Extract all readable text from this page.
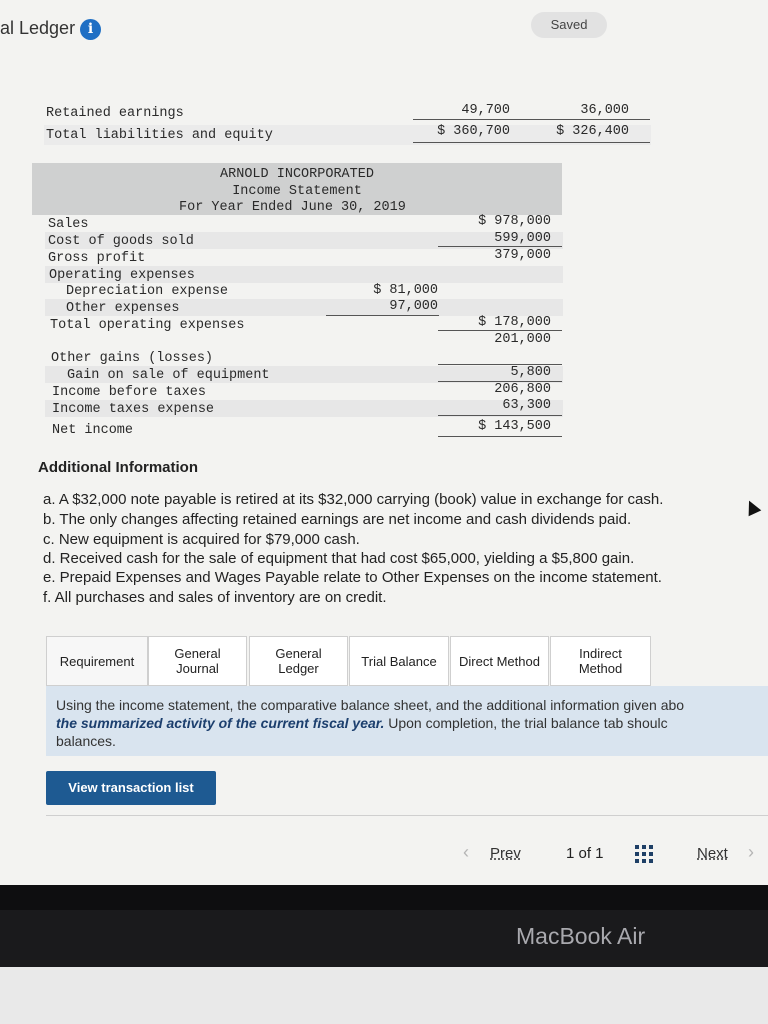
al Ledger i	Saved
Retained earnings	49,700	36,000
Total liabilities and equity	$ 360,700	$ 326,400
ARNOLD INCORPORATED
Income Statement
For Year Ended June 30, 2019
Sales	$ 978,000
Cost of goods sold	599,000
Gross profit	379,000
Operating expenses
Depreciation expense	$ 81,000
Other expenses	97,000
Total operating expenses	$ 178,000
201,000
Other gains (losses)
Gain on sale of equipment	5,800
Income before taxes	206,800
Income taxes expense	63,300
Net income	$ 143,500
Additional Information
a. A $32,000 note payable is retired at its $32,000 carrying (book) value in exchange for cash.
b. The only changes affecting retained earnings are net income and cash dividends paid.
c. New equipment is acquired for $79,000 cash.
d. Received cash for the sale of equipment that had cost $65,000, yielding a $5,800 gain.
e. Prepaid Expenses and Wages Payable relate to Other Expenses on the income statement.
f. All purchases and sales of inventory are on credit.
Requirement	General
Journal
General
Ledger	Trial Balance Direct Method	Indirect
Method
Using the income statement, the comparative balance sheet, and the additional information given abo
the summarized activity of the current fiscal year. Upon completion, the trial balance tab shoulc
balances.
View transaction list
‹ Prev	1 of 1	Next ›
MacBook Air
